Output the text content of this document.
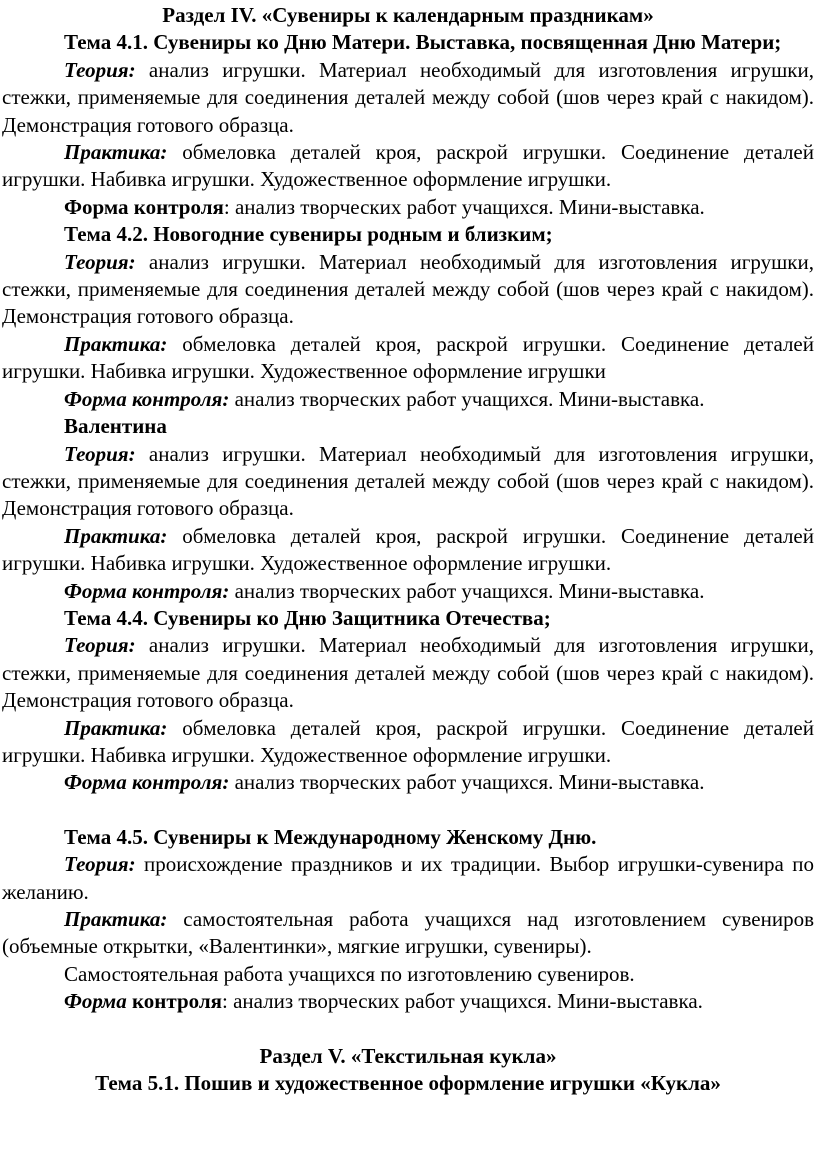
Раздел IV. «Сувениры к календарным праздникам»

Тема 4.1. Сувениры ко Дню Матери. Выставка, посвященная Дню Матери;

Теория: анализ игрушки. Материал необходимый для изготовления игрушки, стежки, применяемые для соединения деталей между собой (шов через край с накидом). Демонстрация готового образца.

Практика: обмеловка деталей кроя, раскрой игрушки. Соединение деталей игрушки. Набивка игрушки. Художественное оформление игрушки.

Форма контроля: анализ творческих работ учащихся. Мини-выставка.

Тема 4.2. Новогодние сувениры родным и близким;

Теория: анализ игрушки. Материал необходимый для изготовления игрушки, стежки, применяемые для соединения деталей между собой (шов через край с накидом). Демонстрация готового образца.

Практика: обмеловка деталей кроя, раскрой игрушки. Соединение деталей игрушки. Набивка игрушки. Художественное оформление игрушки

Форма контроля: анализ творческих работ учащихся. Мини-выставка.

Валентина

Теория: анализ игрушки. Материал необходимый для изготовления игрушки, стежки, применяемые для соединения деталей между собой (шов через край с накидом). Демонстрация готового образца.

Практика: обмеловка деталей кроя, раскрой игрушки. Соединение деталей игрушки. Набивка игрушки. Художественное оформление игрушки.

Форма контроля: анализ творческих работ учащихся. Мини-выставка.

Тема 4.4. Сувениры ко Дню Защитника Отечества;

Теория: анализ игрушки. Материал необходимый для изготовления игрушки, стежки, применяемые для соединения деталей между собой (шов через край с накидом). Демонстрация готового образца.

Практика: обмеловка деталей кроя, раскрой игрушки. Соединение деталей игрушки. Набивка игрушки. Художественное оформление игрушки.

Форма контроля: анализ творческих работ учащихся. Мини-выставка.

Тема 4.5. Сувениры к Международному Женскому Дню.

Теория: происхождение праздников и их традиции. Выбор игрушки-сувенира по желанию.

Практика: самостоятельная работа учащихся над изготовлением сувениров (объемные открытки, «Валентинки», мягкие игрушки, сувениры).

Самостоятельная работа учащихся по изготовлению сувениров.

Форма контроля: анализ творческих работ учащихся. Мини-выставка.

Раздел V. «Текстильная кукла»

Тема 5.1. Пошив и художественное оформление игрушки «Кукла»
